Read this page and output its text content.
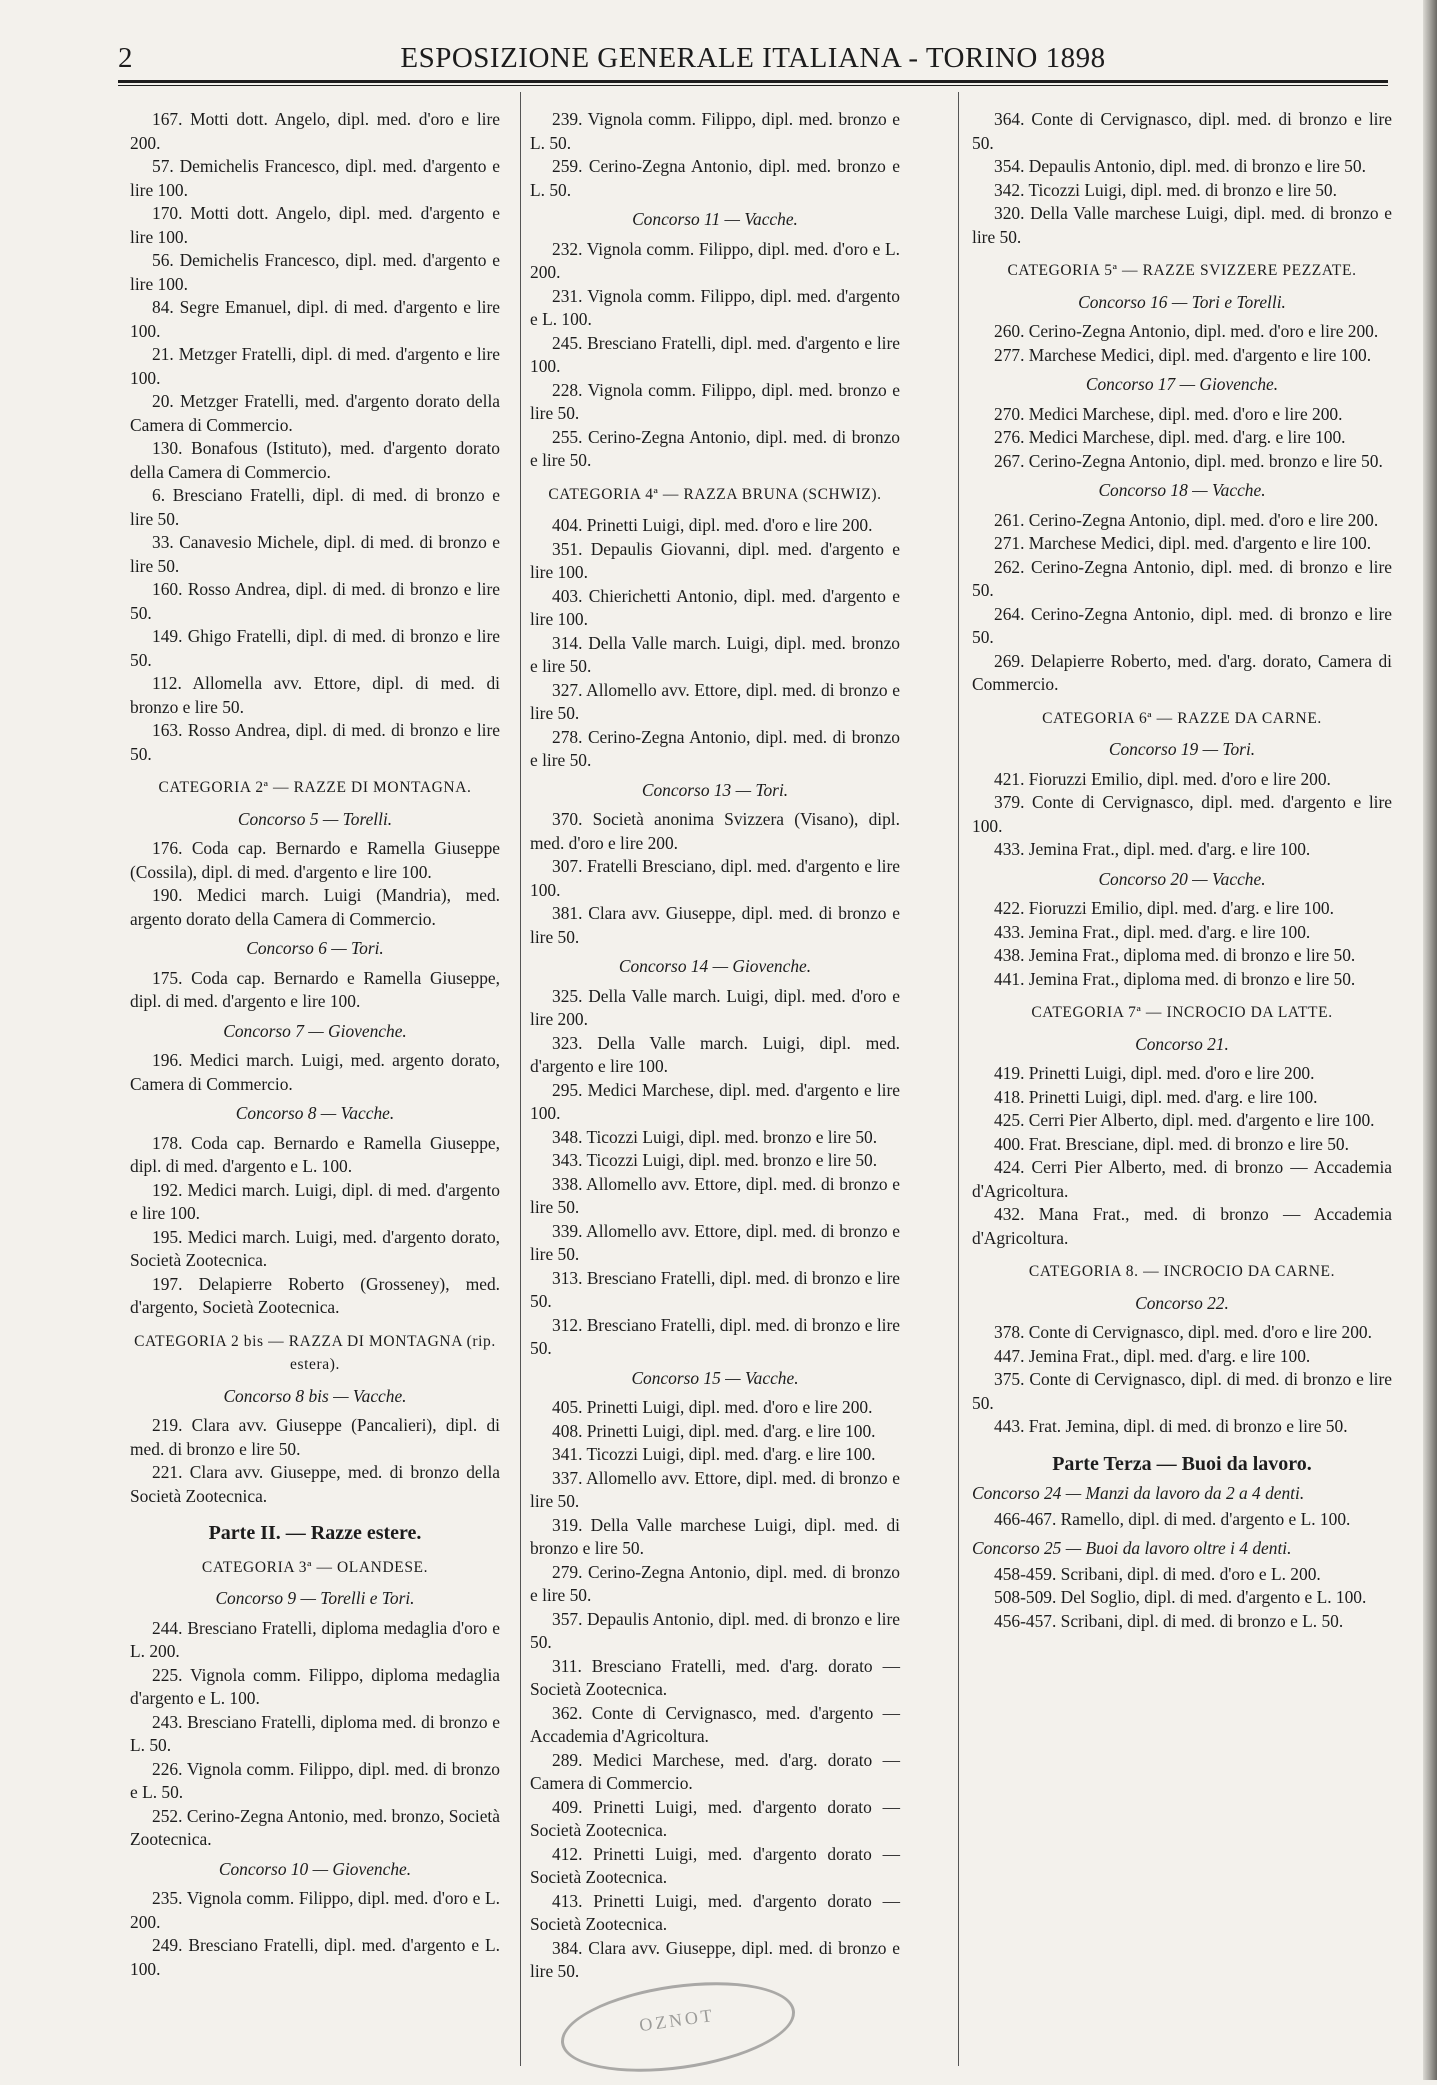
2	ESPOSIZIONE GENERALE ITALIANA - TORINO 1898

167. Motti dott. Angelo, dipl. med. d'oro e lire 200.

57. Demichelis Francesco, dipl. med. d'argento e lire 100.

170. Motti dott. Angelo, dipl. med. d'argento e lire 100.

56. Demichelis Francesco, dipl. med. d'argento e lire 100.

84. Segre Emanuel, dipl. di med. d'argento e lire 100.

21. Metzger Fratelli, dipl. di med. d'argento e lire 100.

20. Metzger Fratelli, med. d'argento dorato della Camera di Commercio.

130. Bonafous (Istituto), med. d'argento dorato della Camera di Commercio.

6. Bresciano Fratelli, dipl. di med. di bronzo e lire 50.

33. Canavesio Michele, dipl. di med. di bronzo e lire 50.

160. Rosso Andrea, dipl. di med. di bronzo e lire 50.

149. Ghigo Fratelli, dipl. di med. di bronzo e lire 50.

112. Allomella avv. Ettore, dipl. di med. di bronzo e lire 50.

163. Rosso Andrea, dipl. di med. di bronzo e lire 50.

CATEGORIA 2ª — RAZZE DI MONTAGNA.

Concorso 5 — Torelli.

176. Coda cap. Bernardo e Ramella Giuseppe (Cossila), dipl. di med. d'argento e lire 100.

190. Medici march. Luigi (Mandria), med. argento dorato della Camera di Commercio.

Concorso 6 — Tori.

175. Coda cap. Bernardo e Ramella Giuseppe, dipl. di med. d'argento e lire 100.

Concorso 7 — Giovenche.

196. Medici march. Luigi, med. argento dorato, Camera di Commercio.

Concorso 8 — Vacche.

178. Coda cap. Bernardo e Ramella Giuseppe, dipl. di med. d'argento e L. 100.

192. Medici march. Luigi, dipl. di med. d'argento e lire 100.

195. Medici march. Luigi, med. d'argento dorato, Società Zootecnica.

197. Delapierre Roberto (Grosseney), med. d'argento, Società Zootecnica.

CATEGORIA 2 bis — RAZZA DI MONTAGNA (rip. estera).

Concorso 8 bis — Vacche.

219. Clara avv. Giuseppe (Pancalieri), dipl. di med. di bronzo e lire 50.

221. Clara avv. Giuseppe, med. di bronzo della Società Zootecnica.

Parte II. — Razze estere.

CATEGORIA 3ª — OLANDESE.

Concorso 9 — Torelli e Tori.

244. Bresciano Fratelli, diploma medaglia d'oro e L. 200.

225. Vignola comm. Filippo, diploma medaglia d'argento e L. 100.

243. Bresciano Fratelli, diploma med. di bronzo e L. 50.

226. Vignola comm. Filippo, dipl. med. di bronzo e L. 50.

252. Cerino-Zegna Antonio, med. bronzo, Società Zootecnica.

Concorso 10 — Giovenche.

235. Vignola comm. Filippo, dipl. med. d'oro e L. 200.

249. Bresciano Fratelli, dipl. med. d'argento e L. 100.

239. Vignola comm. Filippo, dipl. med. bronzo e L. 50.

259. Cerino-Zegna Antonio, dipl. med. bronzo e L. 50.

Concorso 11 — Vacche.

232. Vignola comm. Filippo, dipl. med. d'oro e L. 200.

231. Vignola comm. Filippo, dipl. med. d'argento e L. 100.

245. Bresciano Fratelli, dipl. med. d'argento e lire 100.

228. Vignola comm. Filippo, dipl. med. bronzo e lire 50.

255. Cerino-Zegna Antonio, dipl. med. di bronzo e lire 50.

CATEGORIA 4ª — RAZZA BRUNA (SCHWIZ).

404. Prinetti Luigi, dipl. med. d'oro e lire 200.

351. Depaulis Giovanni, dipl. med. d'argento e lire 100.

403. Chierichetti Antonio, dipl. med. d'argento e lire 100.

314. Della Valle march. Luigi, dipl. med. bronzo e lire 50.

327. Allomello avv. Ettore, dipl. med. di bronzo e lire 50.

278. Cerino-Zegna Antonio, dipl. med. di bronzo e lire 50.

Concorso 13 — Tori.

370. Società anonima Svizzera (Visano), dipl. med. d'oro e lire 200.

307. Fratelli Bresciano, dipl. med. d'argento e lire 100.

381. Clara avv. Giuseppe, dipl. med. di bronzo e lire 50.

Concorso 14 — Giovenche.

325. Della Valle march. Luigi, dipl. med. d'oro e lire 200.

323. Della Valle march. Luigi, dipl. med. d'argento e lire 100.

295. Medici Marchese, dipl. med. d'argento e lire 100.

348. Ticozzi Luigi, dipl. med. bronzo e lire 50.

343. Ticozzi Luigi, dipl. med. bronzo e lire 50.

338. Allomello avv. Ettore, dipl. med. di bronzo e lire 50.

339. Allomello avv. Ettore, dipl. med. di bronzo e lire 50.

313. Bresciano Fratelli, dipl. med. di bronzo e lire 50.

312. Bresciano Fratelli, dipl. med. di bronzo e lire 50.

Concorso 15 — Vacche.

405. Prinetti Luigi, dipl. med. d'oro e lire 200.

408. Prinetti Luigi, dipl. med. d'arg. e lire 100.

341. Ticozzi Luigi, dipl. med. d'arg. e lire 100.

337. Allomello avv. Ettore, dipl. med. di bronzo e lire 50.

319. Della Valle marchese Luigi, dipl. med. di bronzo e lire 50.

279. Cerino-Zegna Antonio, dipl. med. di bronzo e lire 50.

357. Depaulis Antonio, dipl. med. di bronzo e lire 50.

311. Bresciano Fratelli, med. d'arg. dorato — Società Zootecnica.

362. Conte di Cervignasco, med. d'argento — Accademia d'Agricoltura.

289. Medici Marchese, med. d'arg. dorato — Camera di Commercio.

409. Prinetti Luigi, med. d'argento dorato — Società Zootecnica.

412. Prinetti Luigi, med. d'argento dorato — Società Zootecnica.

413. Prinetti Luigi, med. d'argento dorato — Società Zootecnica.

384. Clara avv. Giuseppe, dipl. med. di bronzo e lire 50.

364. Conte di Cervignasco, dipl. med. di bronzo e lire 50.

354. Depaulis Antonio, dipl. med. di bronzo e lire 50.

342. Ticozzi Luigi, dipl. med. di bronzo e lire 50.

320. Della Valle marchese Luigi, dipl. med. di bronzo e lire 50.

CATEGORIA 5ª — RAZZE SVIZZERE PEZZATE.

Concorso 16 — Tori e Torelli.

260. Cerino-Zegna Antonio, dipl. med. d'oro e lire 200.

277. Marchese Medici, dipl. med. d'argento e lire 100.

Concorso 17 — Giovenche.

270. Medici Marchese, dipl. med. d'oro e lire 200.

276. Medici Marchese, dipl. med. d'arg. e lire 100.

267. Cerino-Zegna Antonio, dipl. med. bronzo e lire 50.

Concorso 18 — Vacche.

261. Cerino-Zegna Antonio, dipl. med. d'oro e lire 200.

271. Marchese Medici, dipl. med. d'argento e lire 100.

262. Cerino-Zegna Antonio, dipl. med. di bronzo e lire 50.

264. Cerino-Zegna Antonio, dipl. med. di bronzo e lire 50.

269. Delapierre Roberto, med. d'arg. dorato, Camera di Commercio.

CATEGORIA 6ª — RAZZE DA CARNE.

Concorso 19 — Tori.

421. Fioruzzi Emilio, dipl. med. d'oro e lire 200.

379. Conte di Cervignasco, dipl. med. d'argento e lire 100.

433. Jemina Frat., dipl. med. d'arg. e lire 100.

Concorso 20 — Vacche.

422. Fioruzzi Emilio, dipl. med. d'arg. e lire 100.

433. Jemina Frat., dipl. med. d'arg. e lire 100.

438. Jemina Frat., diploma med. di bronzo e lire 50.

441. Jemina Frat., diploma med. di bronzo e lire 50.

CATEGORIA 7ª — INCROCIO DA LATTE.

Concorso 21.

419. Prinetti Luigi, dipl. med. d'oro e lire 200.

418. Prinetti Luigi, dipl. med. d'arg. e lire 100.

425. Cerri Pier Alberto, dipl. med. d'argento e lire 100.

400. Frat. Bresciane, dipl. med. di bronzo e lire 50.

424. Cerri Pier Alberto, med. di bronzo — Accademia d'Agricoltura.

432. Mana Frat., med. di bronzo — Accademia d'Agricoltura.

CATEGORIA 8. — INCROCIO DA CARNE.

Concorso 22.

378. Conte di Cervignasco, dipl. med. d'oro e lire 200.

447. Jemina Frat., dipl. med. d'arg. e lire 100.

375. Conte di Cervignasco, dipl. di med. di bronzo e lire 50.

443. Frat. Jemina, dipl. di med. di bronzo e lire 50.

Parte Terza — Buoi da lavoro.

Concorso 24 — Manzi da lavoro da 2 a 4 denti.

466-467. Ramello, dipl. di med. d'argento e L. 100.

Concorso 25 — Buoi da lavoro oltre i 4 denti.

458-459. Scribani, dipl. di med. d'oro e L. 200.

508-509. Del Soglio, dipl. di med. d'argento e L. 100.

456-457. Scribani, dipl. di med. di bronzo e L. 50.

OZNOT
